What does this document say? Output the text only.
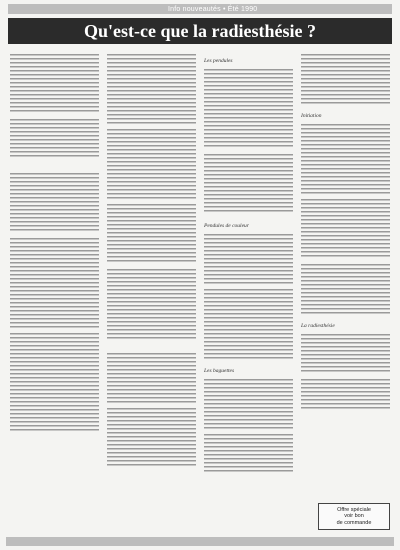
Info nouveautés • Été 1990
Qu'est-ce que la radiesthésie ?

Les pendules

Pendules de couleur

Les baguettes

Initiation

La radiesthésie

Offre spéciale
voir bon
de commande
